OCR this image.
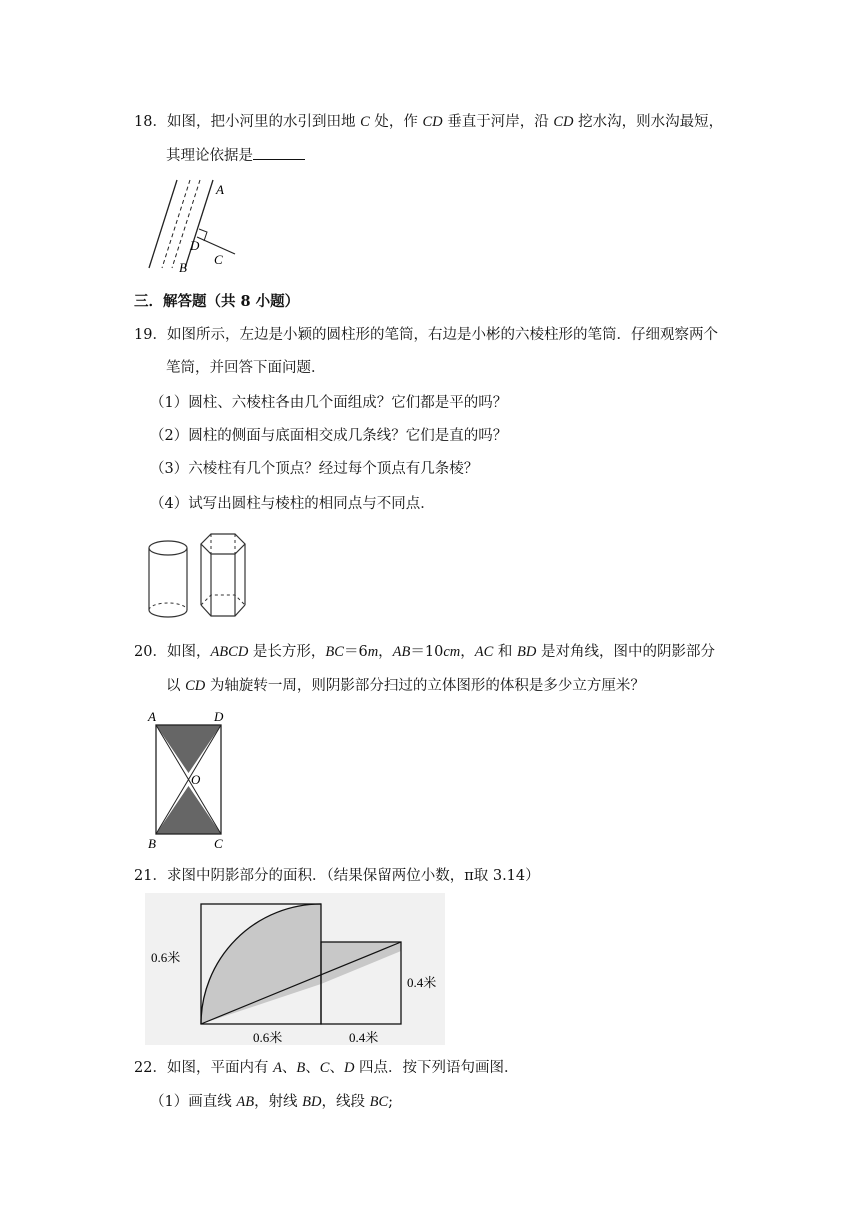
18．如图，把小河里的水引到田地 C 处，作 CD 垂直于河岸，沿 CD 挖水沟，则水沟最短，
其理论依据是
A
D
C
B
三．解答题（共 8 小题）
19．如图所示，左边是小颖的圆柱形的笔筒，右边是小彬的六棱柱形的笔筒．仔细观察两个
笔筒，并回答下面问题．
（1）圆柱、六棱柱各由几个面组成？它们都是平的吗？
（2）圆柱的侧面与底面相交成几条线？它们是直的吗？
（3）六棱柱有几个顶点？经过每个顶点有几条棱？
（4）试写出圆柱与棱柱的相同点与不同点．
20．如图，ABCD 是长方形，BC＝6m，AB＝10cm，AC 和 BD 是对角线，图中的阴影部分
以 CD 为轴旋转一周，则阴影部分扫过的立体图形的体积是多少立方厘米？
A	D
O
B	C
21．求图中阴影部分的面积．（结果保留两位小数，π取 3.14）
0.6米
0.6米	0.4米
0.4米
22．如图，平面内有 A、B、C、D 四点．按下列语句画图．
（1）画直线 AB，射线 BD，线段 BC;
